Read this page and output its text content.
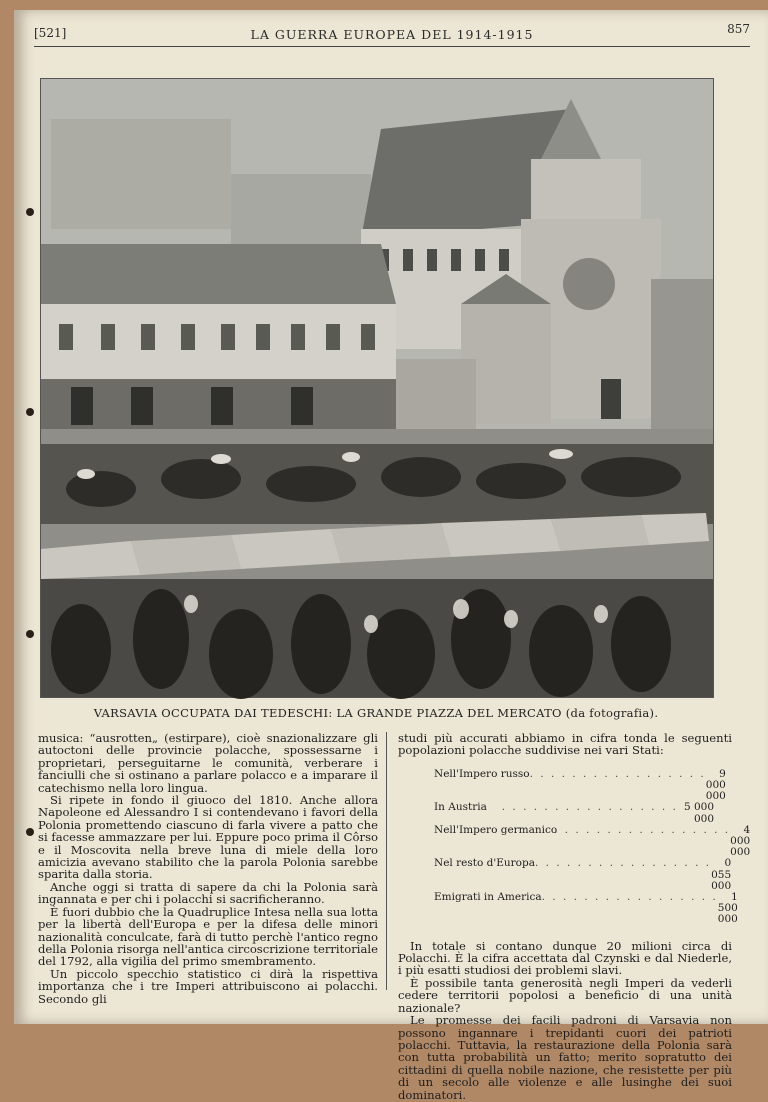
[521]	LA GUERRA EUROPEA DEL 1914-1915	857
VARSAVIA OCCUPATA DAI TEDESCHI: LA GRANDE PIAZZA DEL MERCATO (da fotografia).

musica: “ausrotten„ (estirpare), cioè snazionalizzare gli autoctoni delle provincie polacche, spossessarne i proprietari, perseguitarne le comunità, verberare i fanciulli che si ostinano a parlare polacco e a imparare il catechismo nella loro lingua.

Si ripete in fondo il giuoco del 1810. Anche allora Napoleone ed Alessandro I si contendevano i favori della Polonia promettendo ciascuno di farla vivere a patto che si facesse ammazzare per lui. Eppure poco prima il Côrso e il Moscovita nella breve luna di miele della loro amicizia avevano stabilito che la parola Polonia sarebbe sparita dalla storia.

Anche oggi si tratta di sapere da chi la Polonia sarà ingannata e per chi i polacchi si sacrificheranno.

È fuori dubbio che la Quadruplice Intesa nella sua lotta per la libertà dell'Europa e per la difesa delle minori nazionalità conculcate, farà di tutto perchè l'antico regno della Polonia risorga nell'antica circoscrizione territoriale del 1792, alla vigilia del primo smembramento.

Un piccolo specchio statistico ci dirà la rispettiva importanza che i tre Imperi attribuiscono ai polacchi. Secondo gli

studi più accurati abbiamo in cifra tonda le seguenti popolazioni polacche suddivise nei vari Stati:

Nell'Impero russo . . . . . . . . . . . . . . . . .	9 000 000
In Austria	. . . . . . . . . . . . . . . . . 5 000 000
Nell'Impero germanico
. . . . . . . . . . . . . . . . .	4 000 000
Nel resto d'Europa . . . . . . . . . . . . . . . . .	0 055 000
Emigrati in America . . . . . . . . . . . . . . . . .	1 500 000

In totale si contano dunque 20 milioni circa di Polacchi. È la cifra accettata dal Czynski e dal Niederle, i più esatti studiosi dei problemi slavi.

È possibile tanta generosità negli Imperi da vederli cedere territorii popolosi a beneficio di una unità nazionale?

Le promesse dei facili padroni di Varsavia non possono ingannare i trepidanti cuori dei patrioti polacchi. Tuttavia, la restaurazione della Polonia sarà con tutta probabilità un fatto; merito sopratutto dei cittadini di quella nobile nazione, che resistette per più di un secolo alle violenze e alle lusinghe dei suoi dominatori.
